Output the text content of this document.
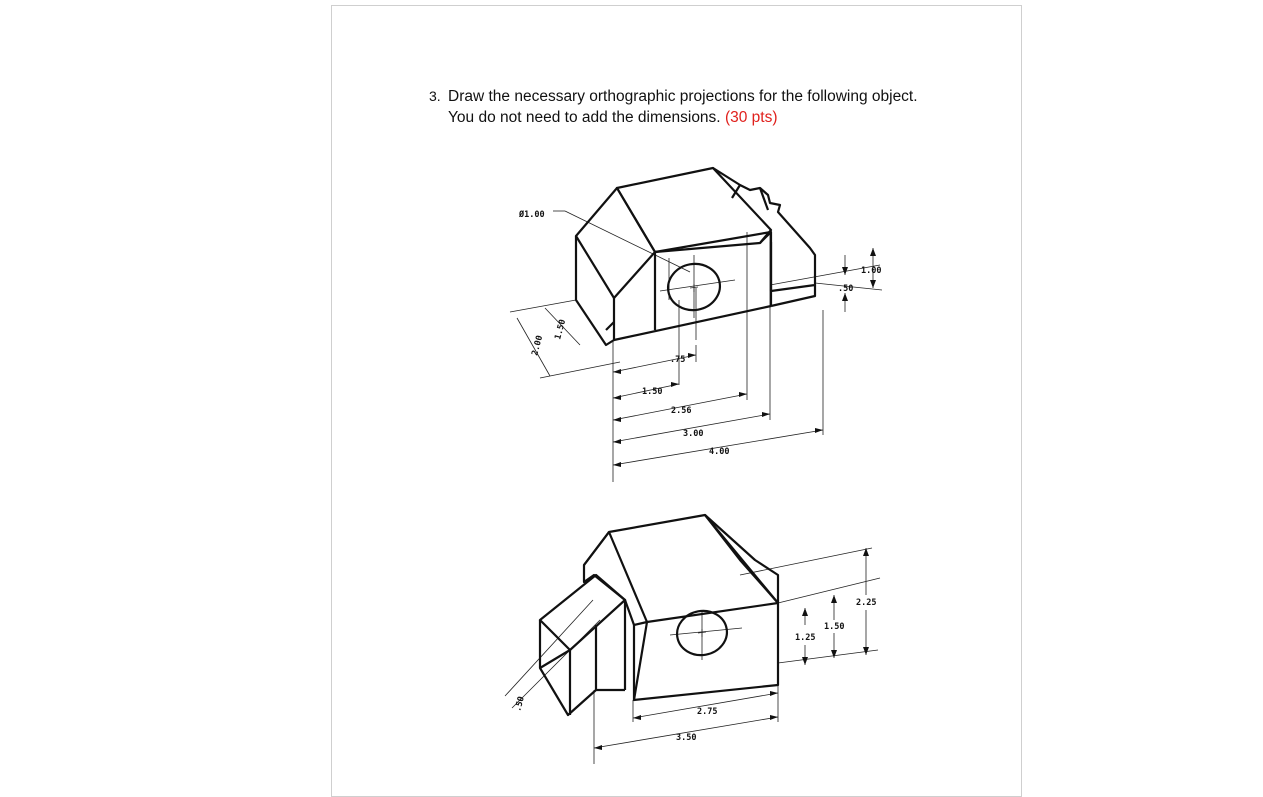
3. Draw the necessary orthographic projections for the following object.
You do not need to add the dimensions. (30 pts)
Ø1.00
.75
1.50
2.56
3.00
4.00
1.00
.50
2.00
1.50
2.75
3.50
1.25
1.50
2.25
.50
